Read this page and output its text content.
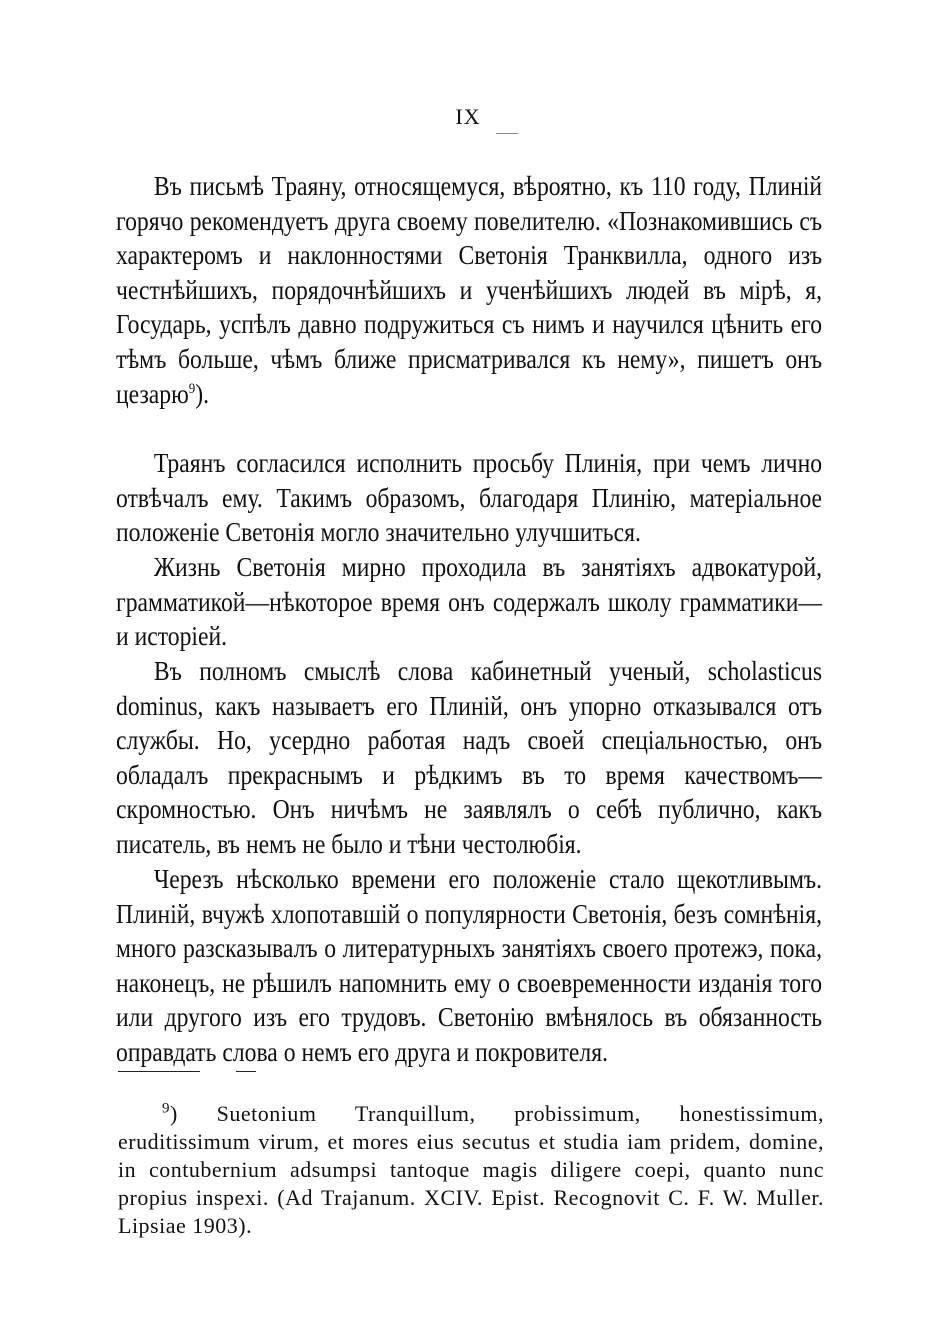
IX

Въ письмѣ Траяну, относящемуся, вѣроятно, къ 110 году, Плиній горячо рекомендуетъ друга своему повелителю. «Познакомившись съ характеромъ и наклонностями Светонія Транквилла, одного изъ честнѣйшихъ, порядочнѣйшихъ и ученѣйшихъ людей въ мірѣ, я, Государь, успѣлъ давно подружиться съ нимъ и научился цѣнить его тѣмъ больше, чѣмъ ближе присматривался къ нему», пишетъ онъ цезарю$^9$).

Траянъ согласился исполнить просьбу Плинія, при чемъ лично отвѣчалъ ему. Такимъ образомъ, благодаря Плинію, матеріальное положеніе Светонія могло значительно улучшиться.

Жизнь Светонія мирно проходила въ занятіяхъ адвокатурой, грамматикой—нѣкоторое время онъ содержалъ школу грамматики—и исторіей.

Въ полномъ смыслѣ слова кабинетный ученый, scholasticus dominus, какъ называетъ его Плиній, онъ упорно отказывался отъ службы. Но, усердно работая надъ своей спеціальностью, онъ обладалъ прекраснымъ и рѣдкимъ въ то время качествомъ—скромностью. Онъ ничѣмъ не заявлялъ о себѣ публично, какъ писатель, въ немъ не было и тѣни честолюбія.

Черезъ нѣсколько времени его положеніе стало щекотливымъ. Плиній, вчужѣ хлопотавшій о популярности Светонія, безъ сомнѣнія, много разсказывалъ о литературныхъ занятіяхъ своего протежэ, пока, наконецъ, не рѣшилъ напомнить ему о своевременности изданія того или другого изъ его трудовъ. Светонію вмѣнялось въ обязанность оправдать слова о немъ его друга и покровителя.

$^9$) Suetonium Tranquillum, probissimum, honestissimum, eruditissimum virum, et mores eius secutus et studia iam pridem, domine, in contubernium adsumpsi tantoque magis diligere coepi, quanto nunc propius inspexi. (Ad Trajanum. XCIV. Epist. Recognovit C. F. W. Muller. Lipsiae 1903).
